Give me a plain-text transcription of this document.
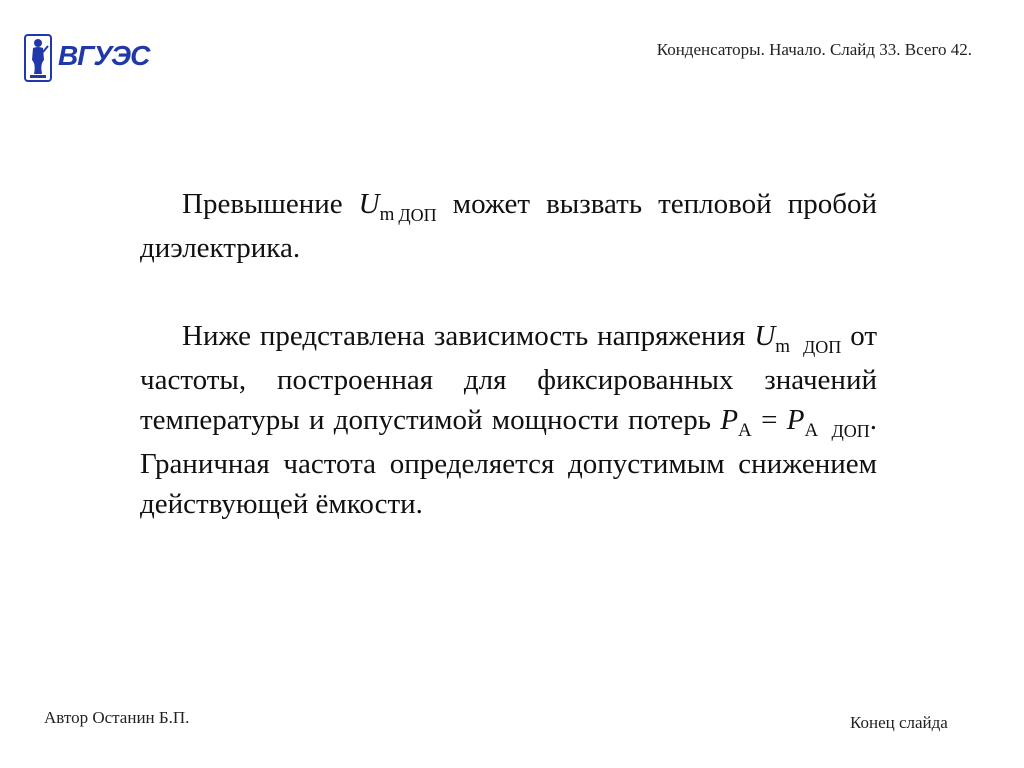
ВГУЭС	Конденсаторы. Начало. Слайд 33. Всего 42.
Превышение $U_m$ $_{ДОП}$ может вызвать тепловой пробой диэлектрика.
Ниже представлена зависимость напряжения $U_m$ $_{ДОП}$ от частоты, построенная для фиксированных значений температуры и допустимой мощности потерь $P_А = P_А$ $_{ДОП}$. Граничная частота определяется допустимым снижением действующей ёмкости.
Автор Останин Б.П.	Конец слайда
